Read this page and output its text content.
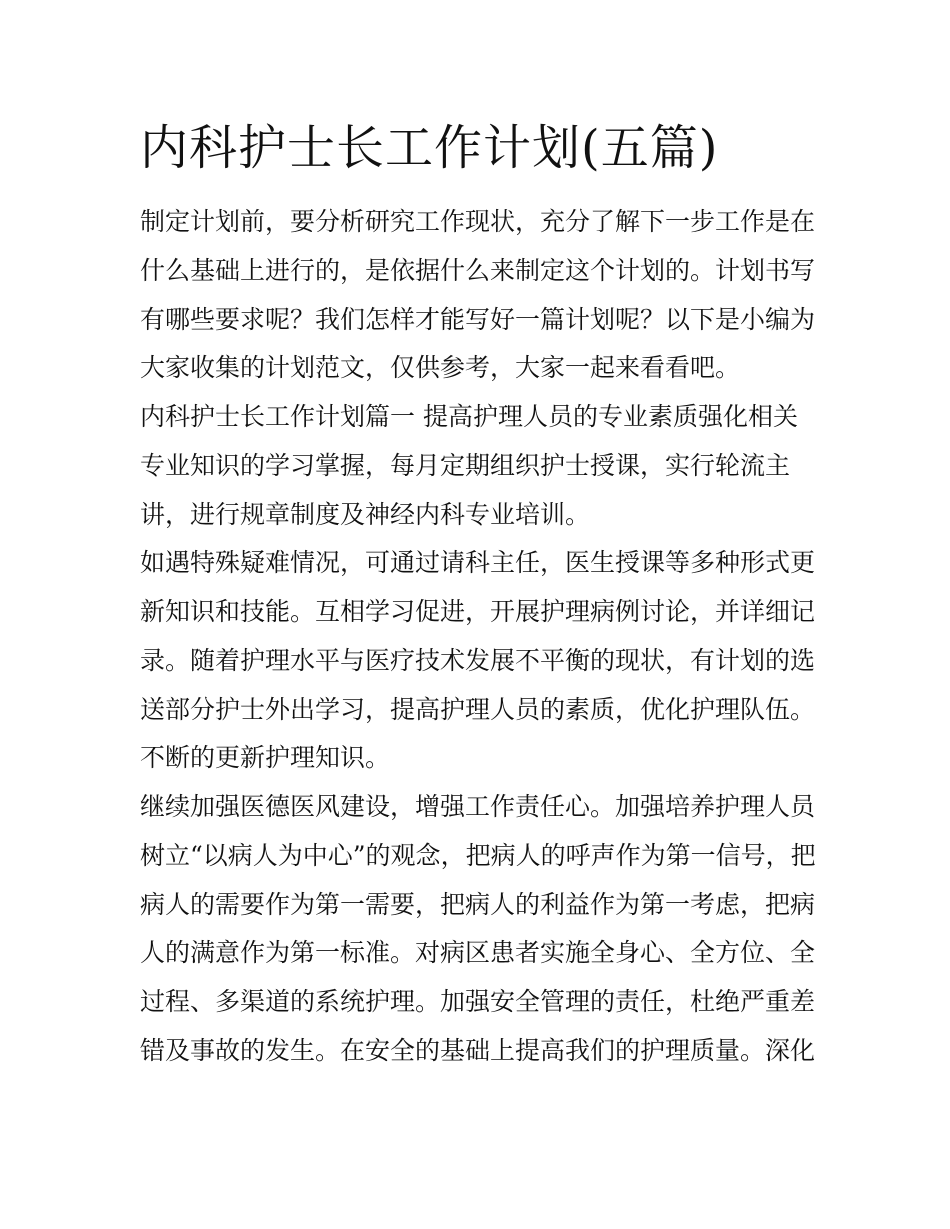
内科护士长工作计划(五篇)
制定计划前，要分析研究工作现状，充分了解下一步工作是在
什么基础上进行的，是依据什么来制定这个计划的。计划书写
有哪些要求呢？我们怎样才能写好一篇计划呢？以下是小编为
大家收集的计划范文，仅供参考，大家一起来看看吧。
内科护士长工作计划篇一 提高护理人员的专业素质强化相关
专业知识的学习掌握，每月定期组织护士授课，实行轮流主
讲，进行规章制度及神经内科专业培训。
如遇特殊疑难情况，可通过请科主任，医生授课等多种形式更
新知识和技能。互相学习促进，开展护理病例讨论，并详细记
录。随着护理水平与医疗技术发展不平衡的现状，有计划的选
送部分护士外出学习，提高护理人员的素质，优化护理队伍。
不断的更新护理知识。
继续加强医德医风建设，增强工作责任心。加强培养护理人员
树立“以病人为中心”的观念，把病人的呼声作为第一信号，把
病人的需要作为第一需要，把病人的利益作为第一考虑，把病
人的满意作为第一标准。对病区患者实施全身心、全方位、全
过程、多渠道的系统护理。加强安全管理的责任，杜绝严重差
错及事故的发生。在安全的基础上提高我们的护理质量。深化
